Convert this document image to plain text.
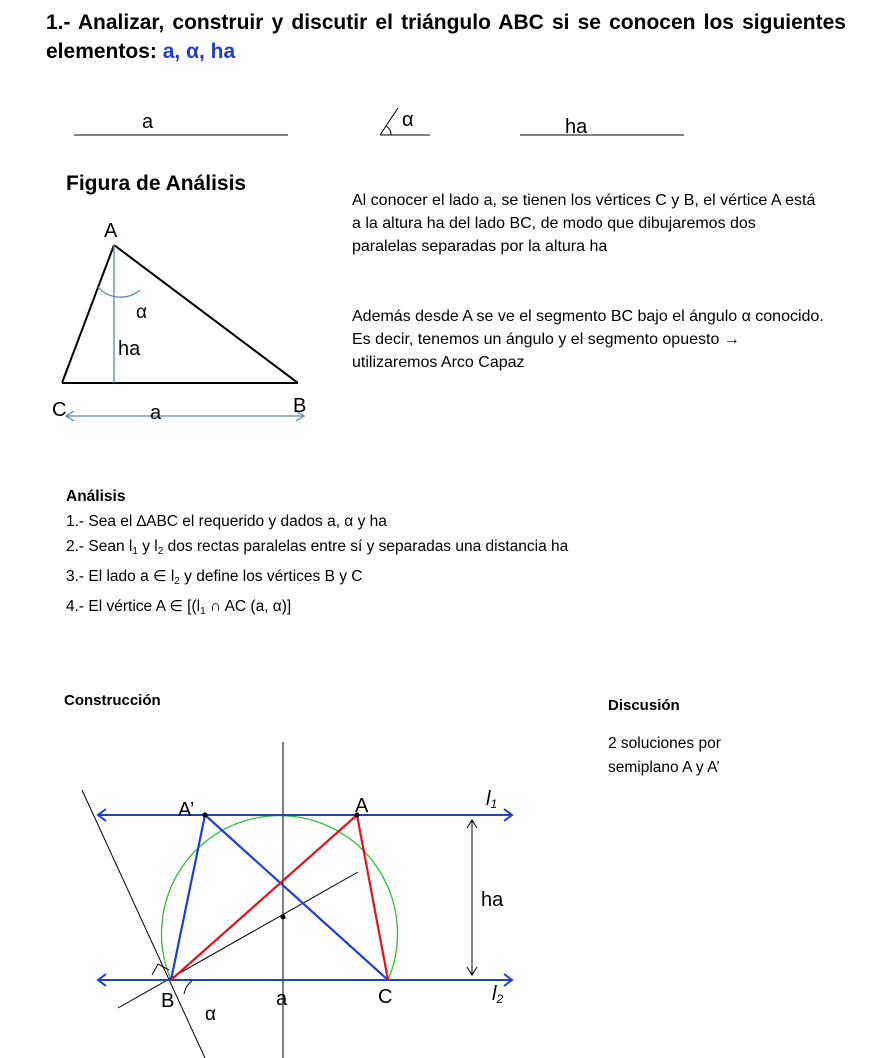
1.- Analizar, construir y discutir el triángulo ABC si se conocen los siguientes elementos: a, α, ha
a	α	ha
Figura de Análisis
A
B
C
α
ha
a
Al conocer el lado a, se tienen los vértices C y B, el vértice A está a la altura ha del lado BC, de modo que dibujaremos dos paralelas separadas por la altura ha
Además desde A se ve el segmento BC bajo el ángulo α conocido. Es decir, tenemos un ángulo y el segmento opuesto → utilizaremos Arco Capaz
Análisis
1.- Sea el ∆ABC el requerido y dados a, α y ha
2.- Sean $l_1$ y $l_2$ dos rectas paralelas entre sí y separadas una distancia ha
3.- El lado a ∈ $l_2$ y define los vértices B y C
4.- El vértice A ∈ [($l_1$ ∩ AC (a, α)]
Construcción	Discusión
2 soluciones por semiplano A y A’
A’	A
B	C
a
α
ha
l1
l2
